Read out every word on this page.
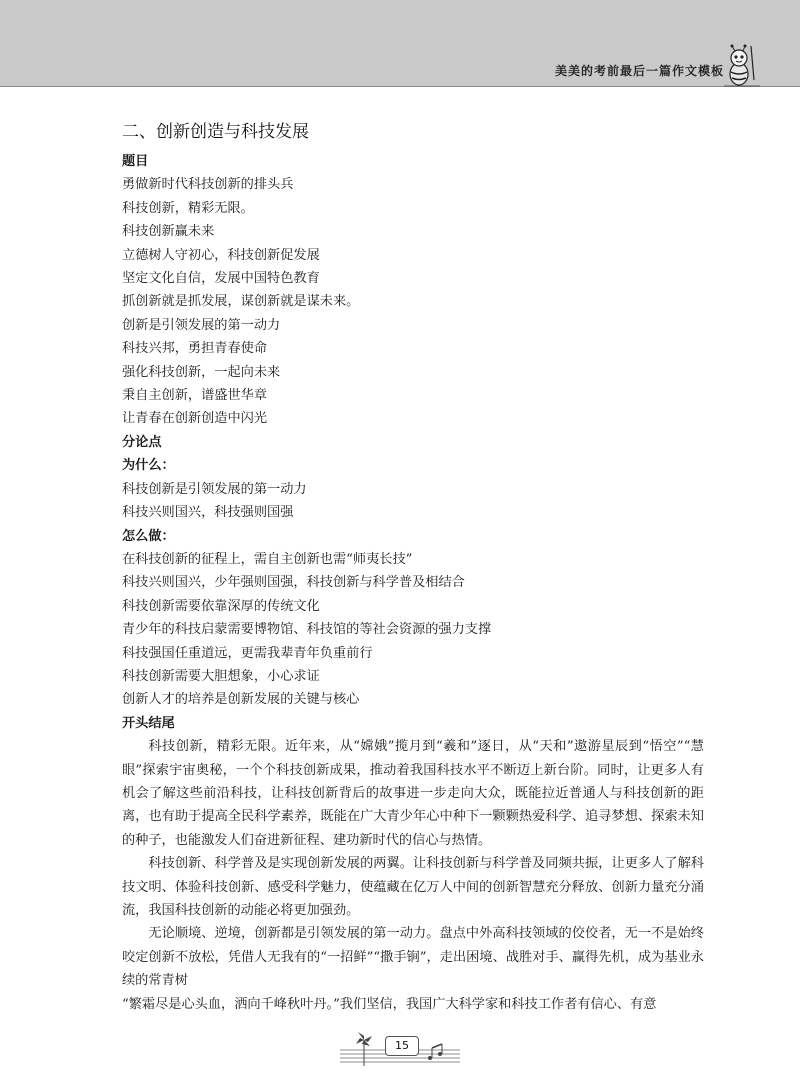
美美的考前最后一篇作文模板
二、创新创造与科技发展
题目
勇做新时代科技创新的排头兵
科技创新，精彩无限。
科技创新赢未来
立德树人守初心，科技创新促发展
坚定文化自信，发展中国特色教育
抓创新就是抓发展，谋创新就是谋未来。
创新是引领发展的第一动力
科技兴邦，勇担青春使命
强化科技创新，一起向未来
秉自主创新，谱盛世华章
让青春在创新创造中闪光
分论点
为什么：
科技创新是引领发展的第一动力
科技兴则国兴，科技强则国强
怎么做：
在科技创新的征程上，需自主创新也需“师夷长技”
科技兴则国兴，少年强则国强，科技创新与科学普及相结合
科技创新需要依靠深厚的传统文化
青少年的科技启蒙需要博物馆、科技馆的等社会资源的强力支撑
科技强国任重道远，更需我辈青年负重前行
科技创新需要大胆想象，小心求证
创新人才的培养是创新发展的关键与核心
开头结尾

科技创新，精彩无限。近年来，从“嫦娥”揽月到“羲和”逐日，从“天和”遨游星辰到“悟空”“慧眼”探索宇宙奥秘，一个个科技创新成果，推动着我国科技水平不断迈上新台阶。同时，让更多人有机会了解这些前沿科技，让科技创新背后的故事进一步走向大众，既能拉近普通人与科技创新的距离，也有助于提高全民科学素养，既能在广大青少年心中种下一颗颗热爱科学、追寻梦想、探索未知的种子，也能激发人们奋进新征程、建功新时代的信心与热情。

科技创新、科学普及是实现创新发展的两翼。让科技创新与科学普及同频共振，让更多人了解科技文明、体验科技创新、感受科学魅力，使蕴藏在亿万人中间的创新智慧充分释放、创新力量充分涌流，我国科技创新的动能必将更加强劲。

无论顺境、逆境，创新都是引领发展的第一动力。盘点中外高科技领域的佼佼者，无一不是始终咬定创新不放松，凭借人无我有的“一招鲜”“撒手锏”，走出困境、战胜对手、赢得先机，成为基业永续的常青树

“繁霜尽是心头血，洒向千峰秋叶丹。”我们坚信，我国广大科学家和科技工作者有信心、有意

15
